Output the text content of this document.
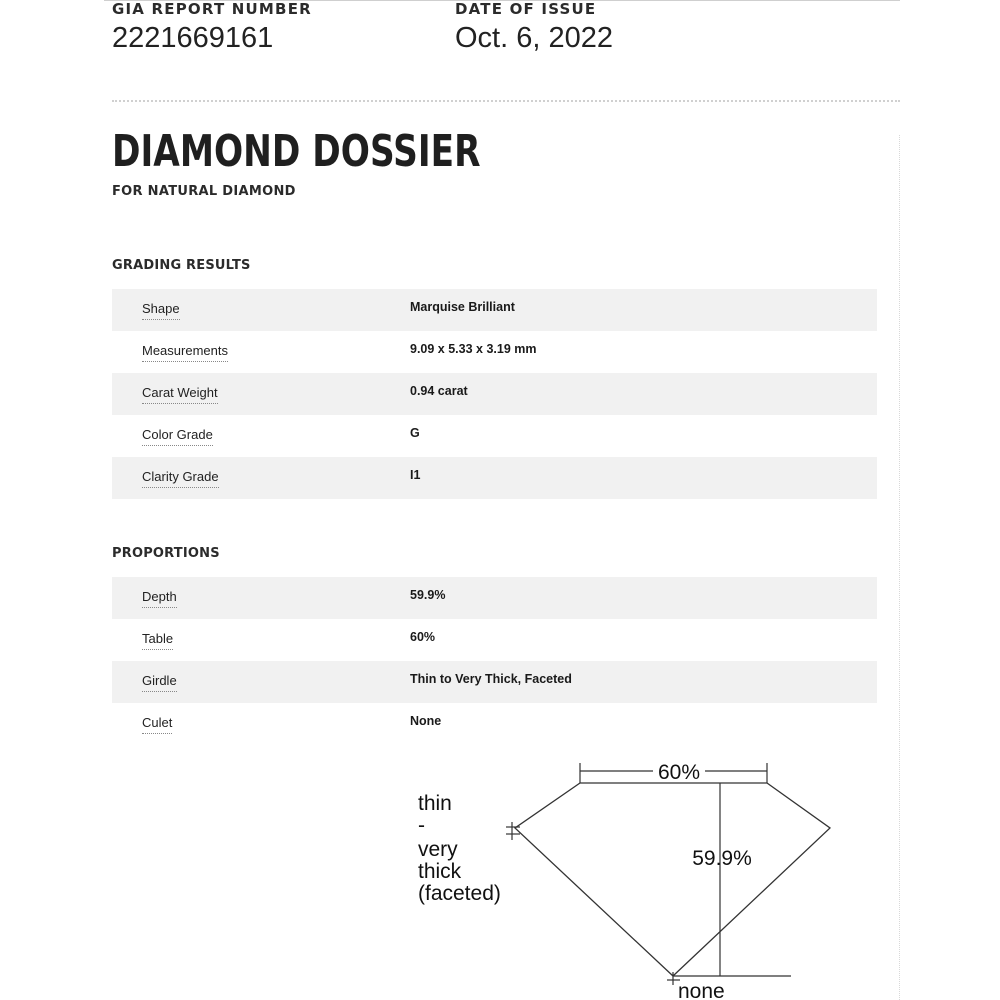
GIA REPORT NUMBER
2221669161
DATE OF ISSUE
Oct. 6, 2022
DIAMOND DOSSIER
FOR NATURAL DIAMOND
GRADING RESULTS
Shape	Marquise Brilliant
Measurements	9.09 x 5.33 x 3.19 mm
Carat Weight	0.94 carat
Color Grade	G
Clarity Grade	I1
PROPORTIONS
Depth	59.9%
Table	60%
Girdle	Thin to Very Thick, Faceted
Culet	None
60%
59.9%
none
thin
-
very
thick
(faceted)
